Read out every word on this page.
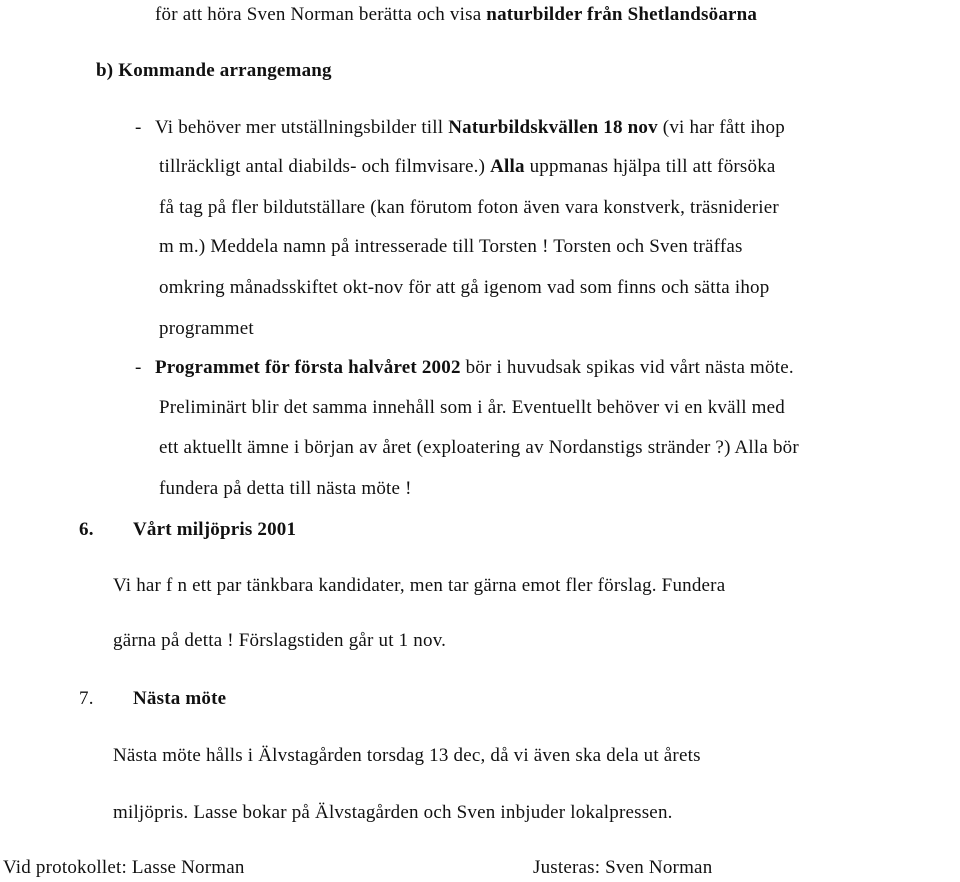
för att höra Sven Norman berätta och visa naturbilder från Shetlandsöarna
b) Kommande arrangemang
- Vi behöver mer utställningsbilder till Naturbildskvällen 18 nov (vi har fått ihop
tillräckligt antal diabilds- och filmvisare.) Alla uppmanas hjälpa till att försöka
få tag på fler bildutställare (kan förutom foton även vara konstverk, träsniderier
m m.) Meddela namn på intresserade till Torsten ! Torsten och Sven träffas
omkring månadsskiftet okt-nov för att gå igenom vad som finns och sätta ihop
programmet
- Programmet för första halvåret 2002 bör i huvudsak spikas vid vårt nästa möte.
Preliminärt blir det samma innehåll som i år. Eventuellt behöver vi en kväll med
ett aktuellt ämne i början av året (exploatering av Nordanstigs stränder ?) Alla bör
fundera på detta till nästa möte !
6. Vårt miljöpris 2001
Vi har f n ett par tänkbara kandidater, men tar gärna emot fler förslag. Fundera
gärna på detta ! Förslagstiden går ut 1 nov.
7. Nästa möte
Nästa möte hålls i Älvstagården torsdag 13 dec, då vi även ska dela ut årets
miljöpris. Lasse bokar på Älvstagården och Sven inbjuder lokalpressen.
Vid protokollet: Lasse Norman	Justeras: Sven Norman
